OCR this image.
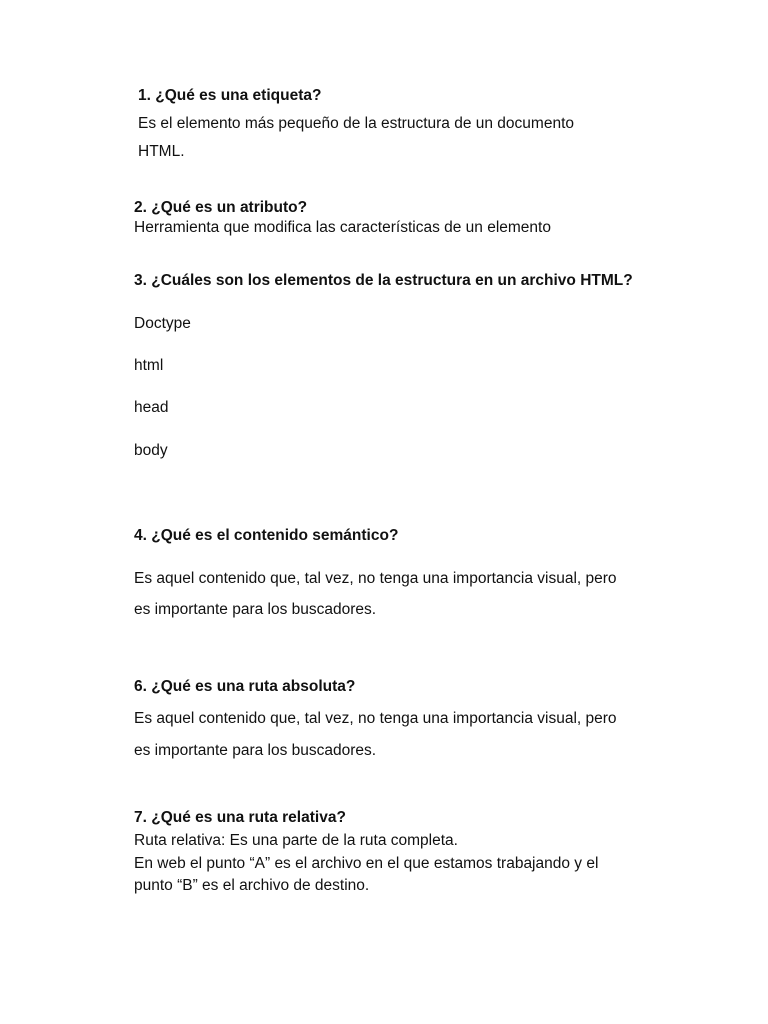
1. ¿Qué es una etiqueta?
Es el elemento más pequeño de la estructura de un documento
HTML.
2. ¿Qué es un atributo?
Herramienta que modifica las características de un elemento
3. ¿Cuáles son los elementos de la estructura en un archivo HTML?
Doctype
html
head
body
4. ¿Qué es el contenido semántico?
Es aquel contenido que, tal vez, no tenga una importancia visual, pero
es importante para los buscadores.
6. ¿Qué es una ruta absoluta?
Es aquel contenido que, tal vez, no tenga una importancia visual, pero
es importante para los buscadores.
7. ¿Qué es una ruta relativa?
Ruta relativa: Es una parte de la ruta completa.
En web el punto “A” es el archivo en el que estamos trabajando y el
punto “B” es el archivo de destino.
